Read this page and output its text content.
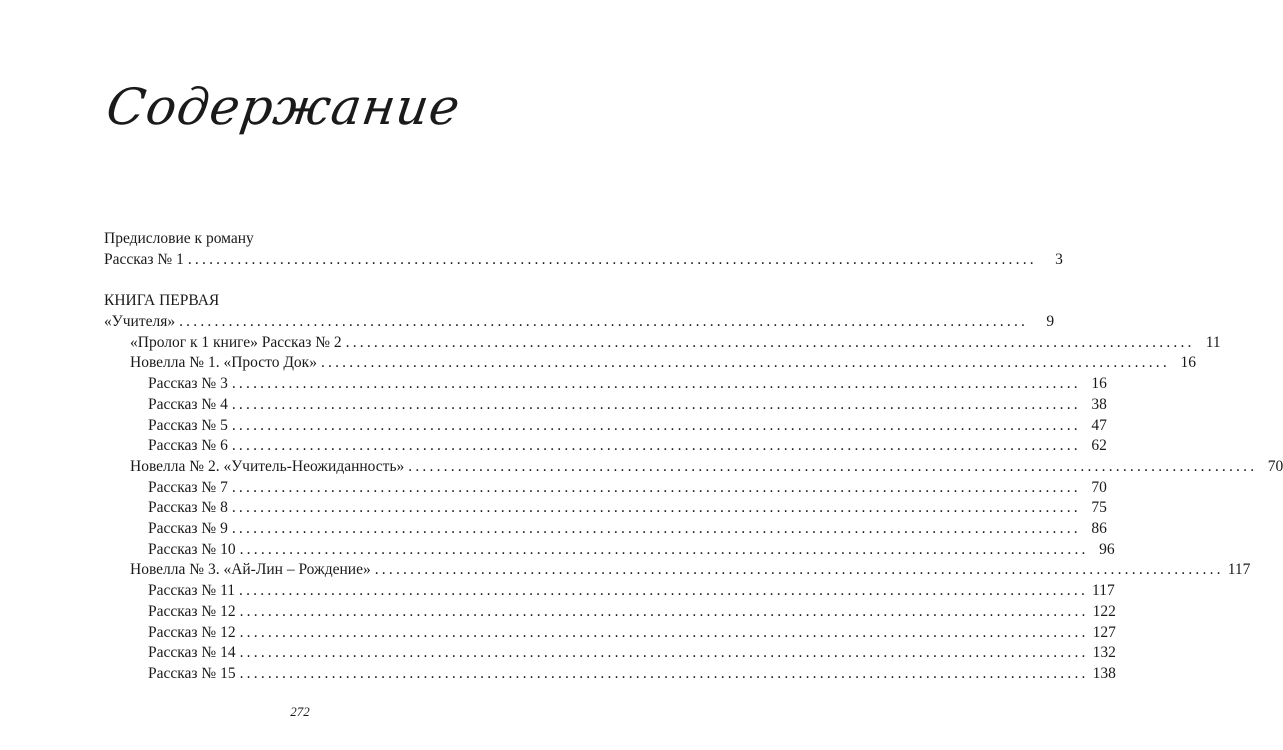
Содержание
Предисловие к роману
Рассказ № 1 ........................................................................................................................	3
КНИГА ПЕРВАЯ
«Учителя» ........................................................................................................................	9
«Пролог к 1 книге» Рассказ № 2 ........................................................................................................................ 11
Новелла № 1. «Просто Док» ........................................................................................................................ 16
Рассказ № 3 ........................................................................................................................ 16
Рассказ № 4 ........................................................................................................................ 38
Рассказ № 5 ........................................................................................................................ 47
Рассказ № 6 ........................................................................................................................ 62
Новелла № 2. «Учитель-Неожиданность» ........................................................................................................................ 70
Рассказ № 7 ........................................................................................................................ 70
Рассказ № 8 ........................................................................................................................ 75
Рассказ № 9 ........................................................................................................................ 86
Рассказ № 10 ........................................................................................................................ 96
Новелла № 3. «Ай-Лин – Рождение» ........................................................................................................................ 117
Рассказ № 11 ........................................................................................................................ 117
Рассказ № 12 ........................................................................................................................ 122
Рассказ № 12 ........................................................................................................................ 127
Рассказ № 14 ........................................................................................................................ 132
Рассказ № 15 ........................................................................................................................ 138
272
